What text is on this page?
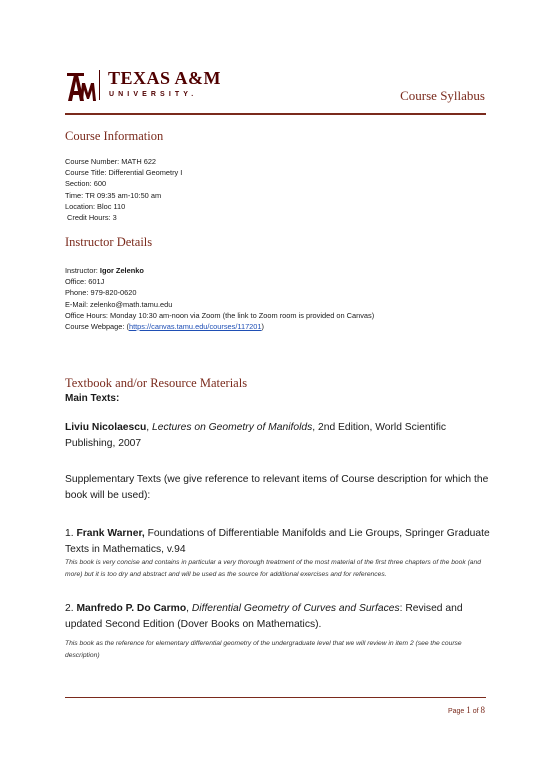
TEXAS A&M
UNIVERSITY.	Course Syllabus
Course Information
Course Number: MATH 622
Course Title: Differential Geometry I
Section: 600
Time: TR 09:35 am-10:50 am
Location: Bloc 110
Credit Hours: 3
Instructor Details
Instructor: Igor Zelenko
Office: 601J
Phone: 979-820-0620
E-Mail: zelenko@math.tamu.edu
Office Hours: Monday 10:30 am-noon via Zoom (the link to Zoom room is provided on Canvas)
Course Webpage: (https://canvas.tamu.edu/courses/117201)
Textbook and/or Resource Materials
Main Texts:
Liviu Nicolaescu, Lectures on Geometry of Manifolds, 2nd Edition, World Scientific Publishing, 2007
Supplementary Texts (we give reference to relevant items of Course description for which the book will be used):
1. Frank Warner, Foundations of Differentiable Manifolds and Lie Groups, Springer Graduate Texts in Mathematics, v.94
This book is very concise and contains in particular a very thorough treatment of the most material of the first three chapters of the book (and more) but it is too dry and abstract and will be used as the source for additional exercises and for references.
2. Manfredo P. Do Carmo, Differential Geometry of Curves and Surfaces: Revised and updated Second Edition (Dover Books on Mathematics).
This book as the reference for elementary differential geometry of the undergraduate level that we will review in item 2 (see the course description)
Page 1 of 8
